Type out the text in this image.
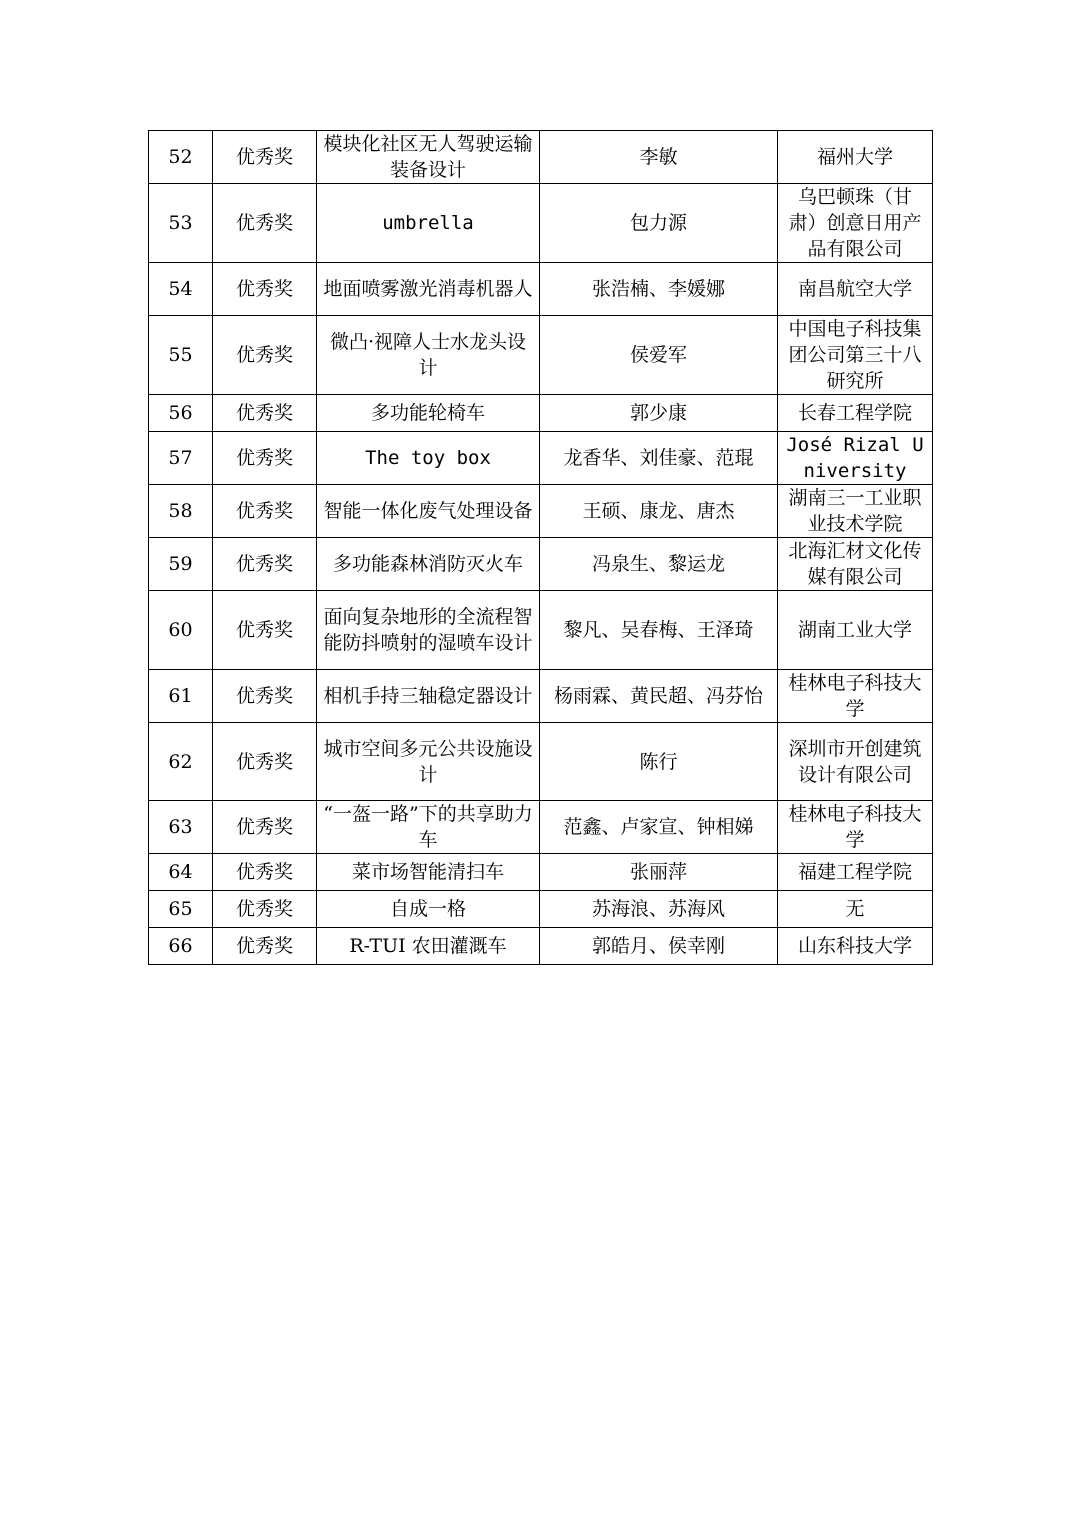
52	优秀奖	模块化社区无人驾驶运输装备设计	李敏	福州大学
53	优秀奖	umbrella	包力源	乌巴顿珠（甘肃）创意日用产品有限公司
54	优秀奖	地面喷雾激光消毒机器人	张浩楠、李媛娜	南昌航空大学
55	优秀奖	微凸·视障人士水龙头设计	侯爱军	中国电子科技集团公司第三十八研究所
56	优秀奖	多功能轮椅车	郭少康	长春工程学院
57	优秀奖	The toy box	龙香华、刘佳豪、范琨	José Rizal University
58	优秀奖	智能一体化废气处理设备	王硕、康龙、唐杰	湖南三一工业职业技术学院
59	优秀奖	多功能森林消防灭火车	冯泉生、黎运龙	北海汇材文化传媒有限公司
60	优秀奖	面向复杂地形的全流程智能防抖喷射的湿喷车设计	黎凡、吴春梅、王泽琦	湖南工业大学
61	优秀奖	相机手持三轴稳定器设计	杨雨霖、黄民超、冯芬怡	桂林电子科技大学
62	优秀奖	城市空间多元公共设施设计	陈行	深圳市开创建筑设计有限公司
63	优秀奖	“一盔一路”下的共享助力车	范鑫、卢家宣、钟相娣	桂林电子科技大学
64	优秀奖	菜市场智能清扫车	张丽萍	福建工程学院
65	优秀奖	自成一格	苏海浪、苏海风	无
66	优秀奖	R-TUI 农田灌溉车	郭皓月、侯幸刚	山东科技大学
